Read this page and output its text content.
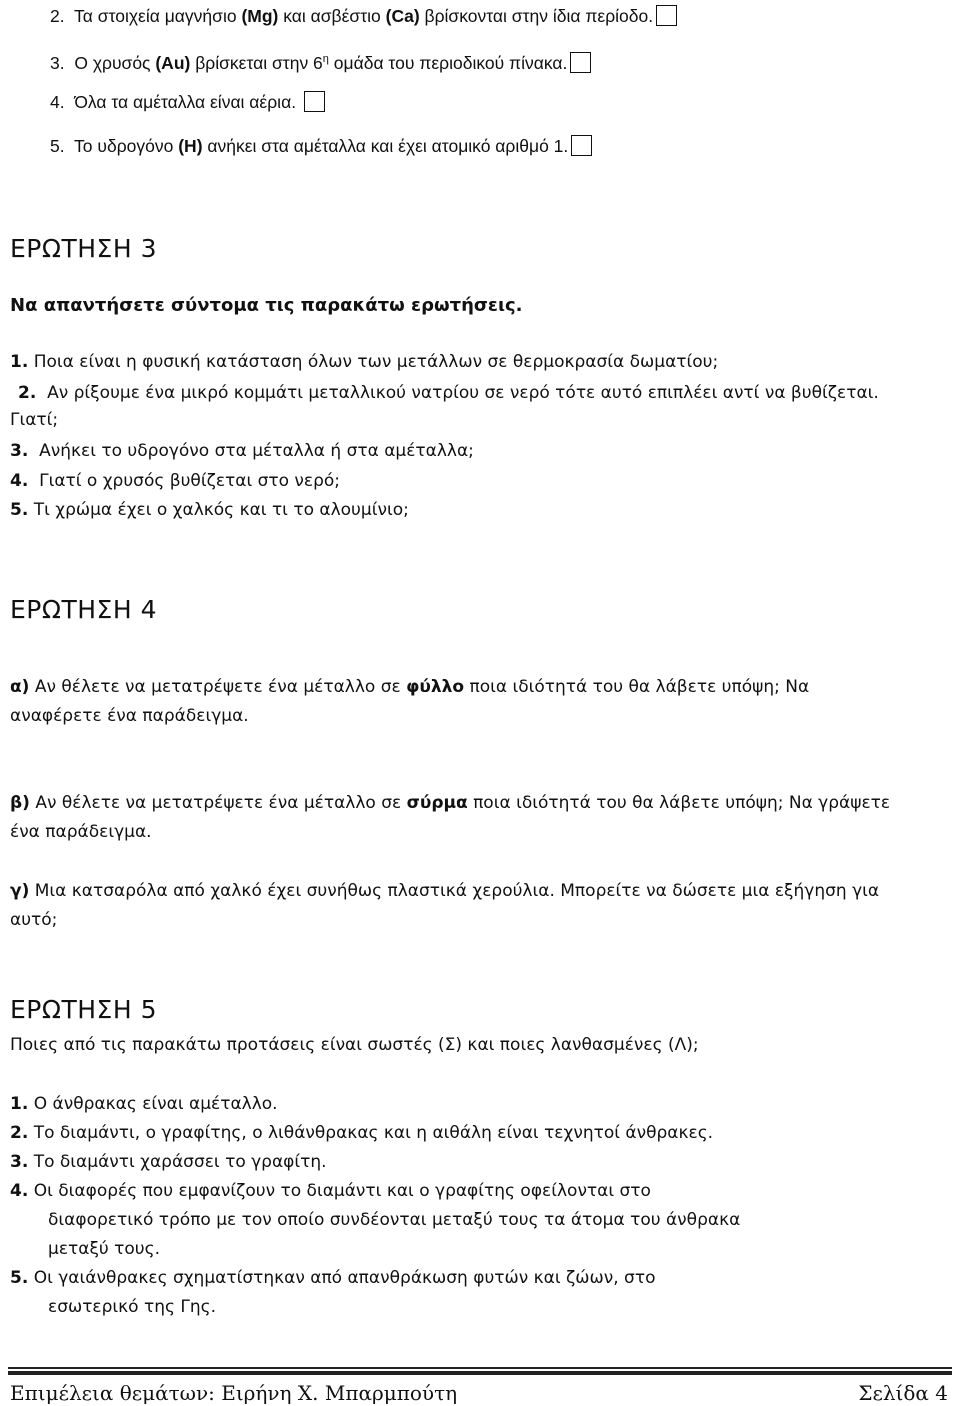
2. Τα στοιχεία μαγνήσιο (Mg) και ασβέστιο (Ca) βρίσκονται στην ίδια περίοδο.
3. Ο χρυσός (Au) βρίσκεται στην $6^\eta$ ομάδα του περιοδικού πίνακα.
4. Όλα τα αμέταλλα είναι αέρια.
5. Το υδρογόνο (Η) ανήκει στα αμέταλλα και έχει ατομικό αριθμό 1.
ΕΡΩΤΗΣΗ 3
Να απαντήσετε σύντομα τις παρακάτω ερωτήσεις.
1. Ποια είναι η φυσική κατάσταση όλων των μετάλλων σε θερμοκρασία δωματίου;
2. Αν ρίξουμε ένα μικρό κομμάτι μεταλλικού νατρίου σε νερό τότε αυτό επιπλέει αντί να βυθίζεται.
Γιατί;
3. Ανήκει το υδρογόνο στα μέταλλα ή στα αμέταλλα;
4. Γιατί ο χρυσός βυθίζεται στο νερό;
5. Τι χρώμα έχει ο χαλκός και τι το αλουμίνιο;
ΕΡΩΤΗΣΗ 4
α) Αν θέλετε να μετατρέψετε ένα μέταλλο σε φύλλο ποια ιδιότητά του θα λάβετε υπόψη; Να
αναφέρετε ένα παράδειγμα.
β) Αν θέλετε να μετατρέψετε ένα μέταλλο σε σύρμα ποια ιδιότητά του θα λάβετε υπόψη; Να γράψετε
ένα παράδειγμα.
γ) Μια κατσαρόλα από χαλκό έχει συνήθως πλαστικά χερούλια. Μπορείτε να δώσετε μια εξήγηση για
αυτό;
ΕΡΩΤΗΣΗ 5
Ποιες από τις παρακάτω προτάσεις είναι σωστές (Σ) και ποιες λανθασμένες (Λ);
1. Ο άνθρακας είναι αμέταλλο.
2. Το διαμάντι, ο γραφίτης, ο λιθάνθρακας και η αιθάλη είναι τεχνητοί άνθρακες.
3. Το διαμάντι χαράσσει το γραφίτη.
4. Οι διαφορές που εμφανίζουν το διαμάντι και ο γραφίτης οφείλονται στο
διαφορετικό τρόπο με τον οποίο συνδέονται μεταξύ τους τα άτομα του άνθρακα
μεταξύ τους.
5. Οι γαιάνθρακες σχηματίστηκαν από απανθράκωση φυτών και ζώων, στο
εσωτερικό της Γης.
Επιμέλεια θεμάτων: Ειρήνη Χ. Μπαρμπούτη	Σελίδα 4
